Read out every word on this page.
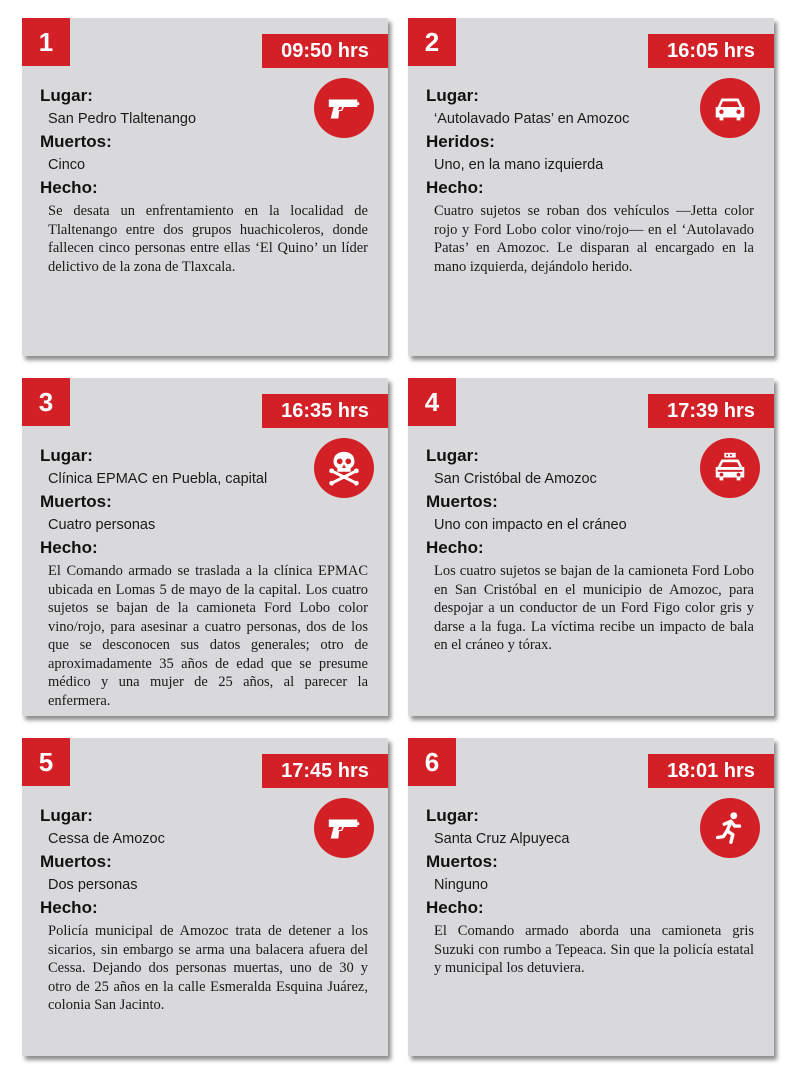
1	09:50 hrs
Lugar:
San Pedro Tlaltenango
Muertos:
Cinco
Hecho:
Se desata un enfrentamiento en la localidad de Tlaltenango entre dos grupos huachicoleros, donde fallecen cinco personas entre ellas ‘El Quino’ un líder delictivo de la zona de Tlaxcala.
2	16:05 hrs
Lugar:
‘Autolavado Patas’ en Amozoc
Heridos:
Uno, en la mano izquierda
Hecho:
Cuatro sujetos se roban dos vehículos —Jetta color rojo y Ford Lobo color vino/rojo— en el ‘Autolavado Patas’ en Amozoc. Le disparan al encargado en la mano izquierda, dejándolo herido.
3	16:35 hrs
Lugar:
Clínica EPMAC en Puebla, capital
Muertos:
Cuatro personas
Hecho:
El Comando armado se traslada a la clínica EPMAC ubicada en Lomas 5 de mayo de la capital. Los cuatro sujetos se bajan de la camioneta Ford Lobo color vino/rojo, para asesinar a cuatro personas, dos de los que se desconocen sus datos generales; otro de aproximadamente 35 años de edad que se presume médico y una mujer de 25 años, al parecer la enfermera.
4	17:39 hrs
Lugar:
San Cristóbal de Amozoc
Muertos:
Uno con impacto en el cráneo
Hecho:
Los cuatro sujetos se bajan de la camioneta Ford Lobo en San Cristóbal en el municipio de Amozoc, para despojar a un conductor de un Ford Figo color gris y darse a la fuga. La víctima recibe un impacto de bala en el cráneo y tórax.
5	17:45 hrs
Lugar:
Cessa de Amozoc
Muertos:
Dos personas
Hecho:
Policía municipal de Amozoc trata de detener a los sicarios, sin embargo se arma una balacera afuera del Cessa. Dejando dos personas muertas, uno de 30 y otro de 25 años en la calle Esmeralda Esquina Juárez, colonia San Jacinto.
6	18:01 hrs
Lugar:
Santa Cruz Alpuyeca
Muertos:
Ninguno
Hecho:
El Comando armado aborda una camioneta gris Suzuki con rumbo a Tepeaca. Sin que la policía estatal y municipal los detuviera.
